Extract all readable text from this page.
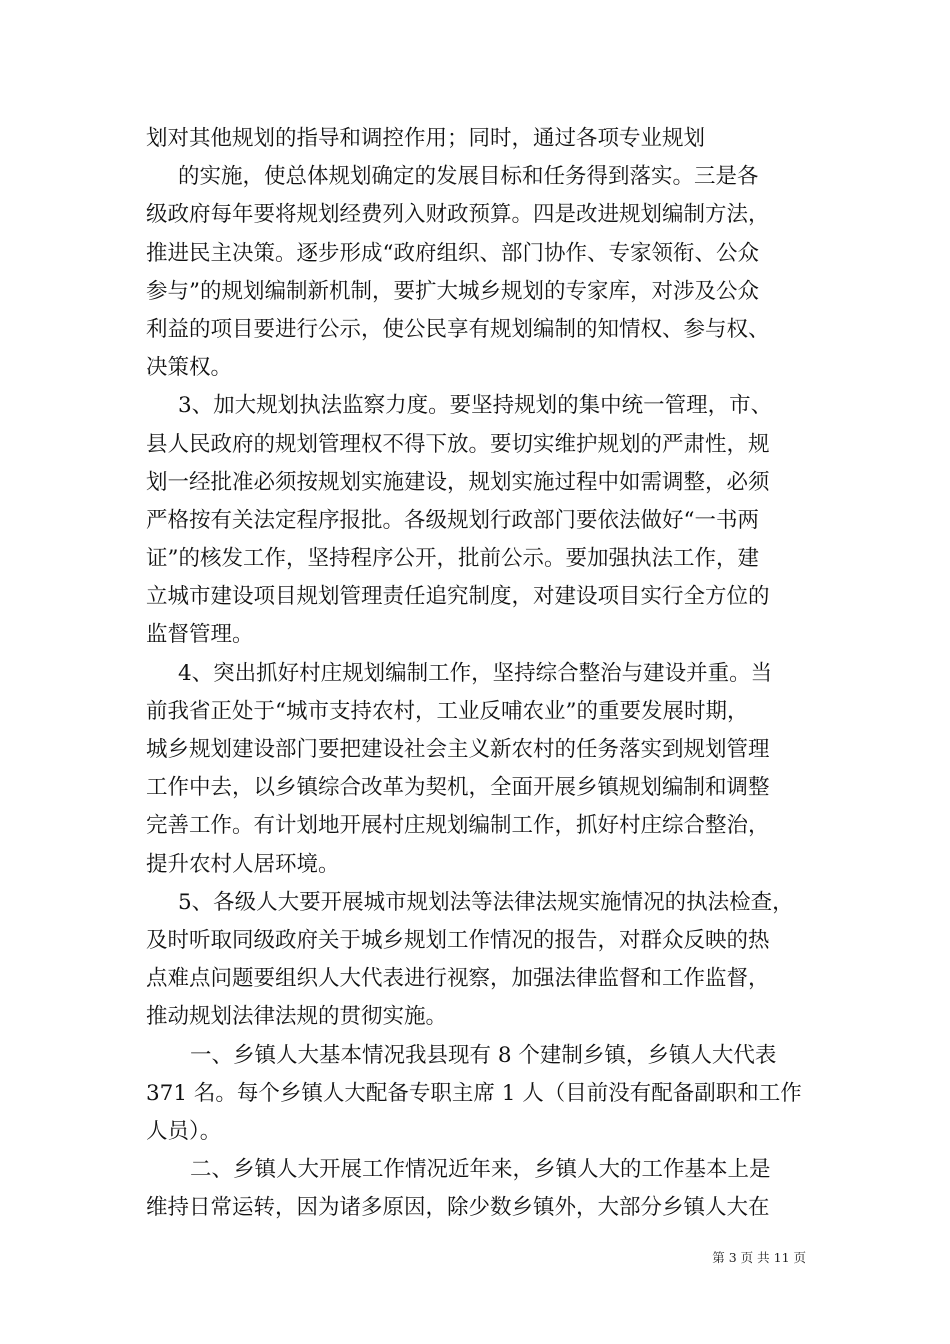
划对其他规划的指导和调控作用；同时，通过各项专业规划
的实施，使总体规划确定的发展目标和任务得到落实。三是各
级政府每年要将规划经费列入财政预算。四是改进规划编制方法，
推进民主决策。逐步形成“政府组织、部门协作、专家领衔、公众
参与”的规划编制新机制，要扩大城乡规划的专家库，对涉及公众
利益的项目要进行公示，使公民享有规划编制的知情权、参与权、
决策权。
3、加大规划执法监察力度。要坚持规划的集中统一管理，市、
县人民政府的规划管理权不得下放。要切实维护规划的严肃性，规
划一经批准必须按规划实施建设，规划实施过程中如需调整，必须
严格按有关法定程序报批。各级规划行政部门要依法做好“一书两
证”的核发工作，坚持程序公开，批前公示。要加强执法工作，建
立城市建设项目规划管理责任追究制度，对建设项目实行全方位的
监督管理。
4、突出抓好村庄规划编制工作，坚持综合整治与建设并重。当
前我省正处于“城市支持农村，工业反哺农业”的重要发展时期，
城乡规划建设部门要把建设社会主义新农村的任务落实到规划管理
工作中去，以乡镇综合改革为契机，全面开展乡镇规划编制和调整
完善工作。有计划地开展村庄规划编制工作，抓好村庄综合整治，
提升农村人居环境。
5、各级人大要开展城市规划法等法律法规实施情况的执法检查，
及时听取同级政府关于城乡规划工作情况的报告，对群众反映的热
点难点问题要组织人大代表进行视察，加强法律监督和工作监督，
推动规划法律法规的贯彻实施。
一、乡镇人大基本情况我县现有 8 个建制乡镇，乡镇人大代表
371 名。每个乡镇人大配备专职主席 1 人（目前没有配备副职和工作
人员）。
二、乡镇人大开展工作情况近年来，乡镇人大的工作基本上是
维持日常运转，因为诸多原因，除少数乡镇外，大部分乡镇人大在
第 3 页 共 11 页
